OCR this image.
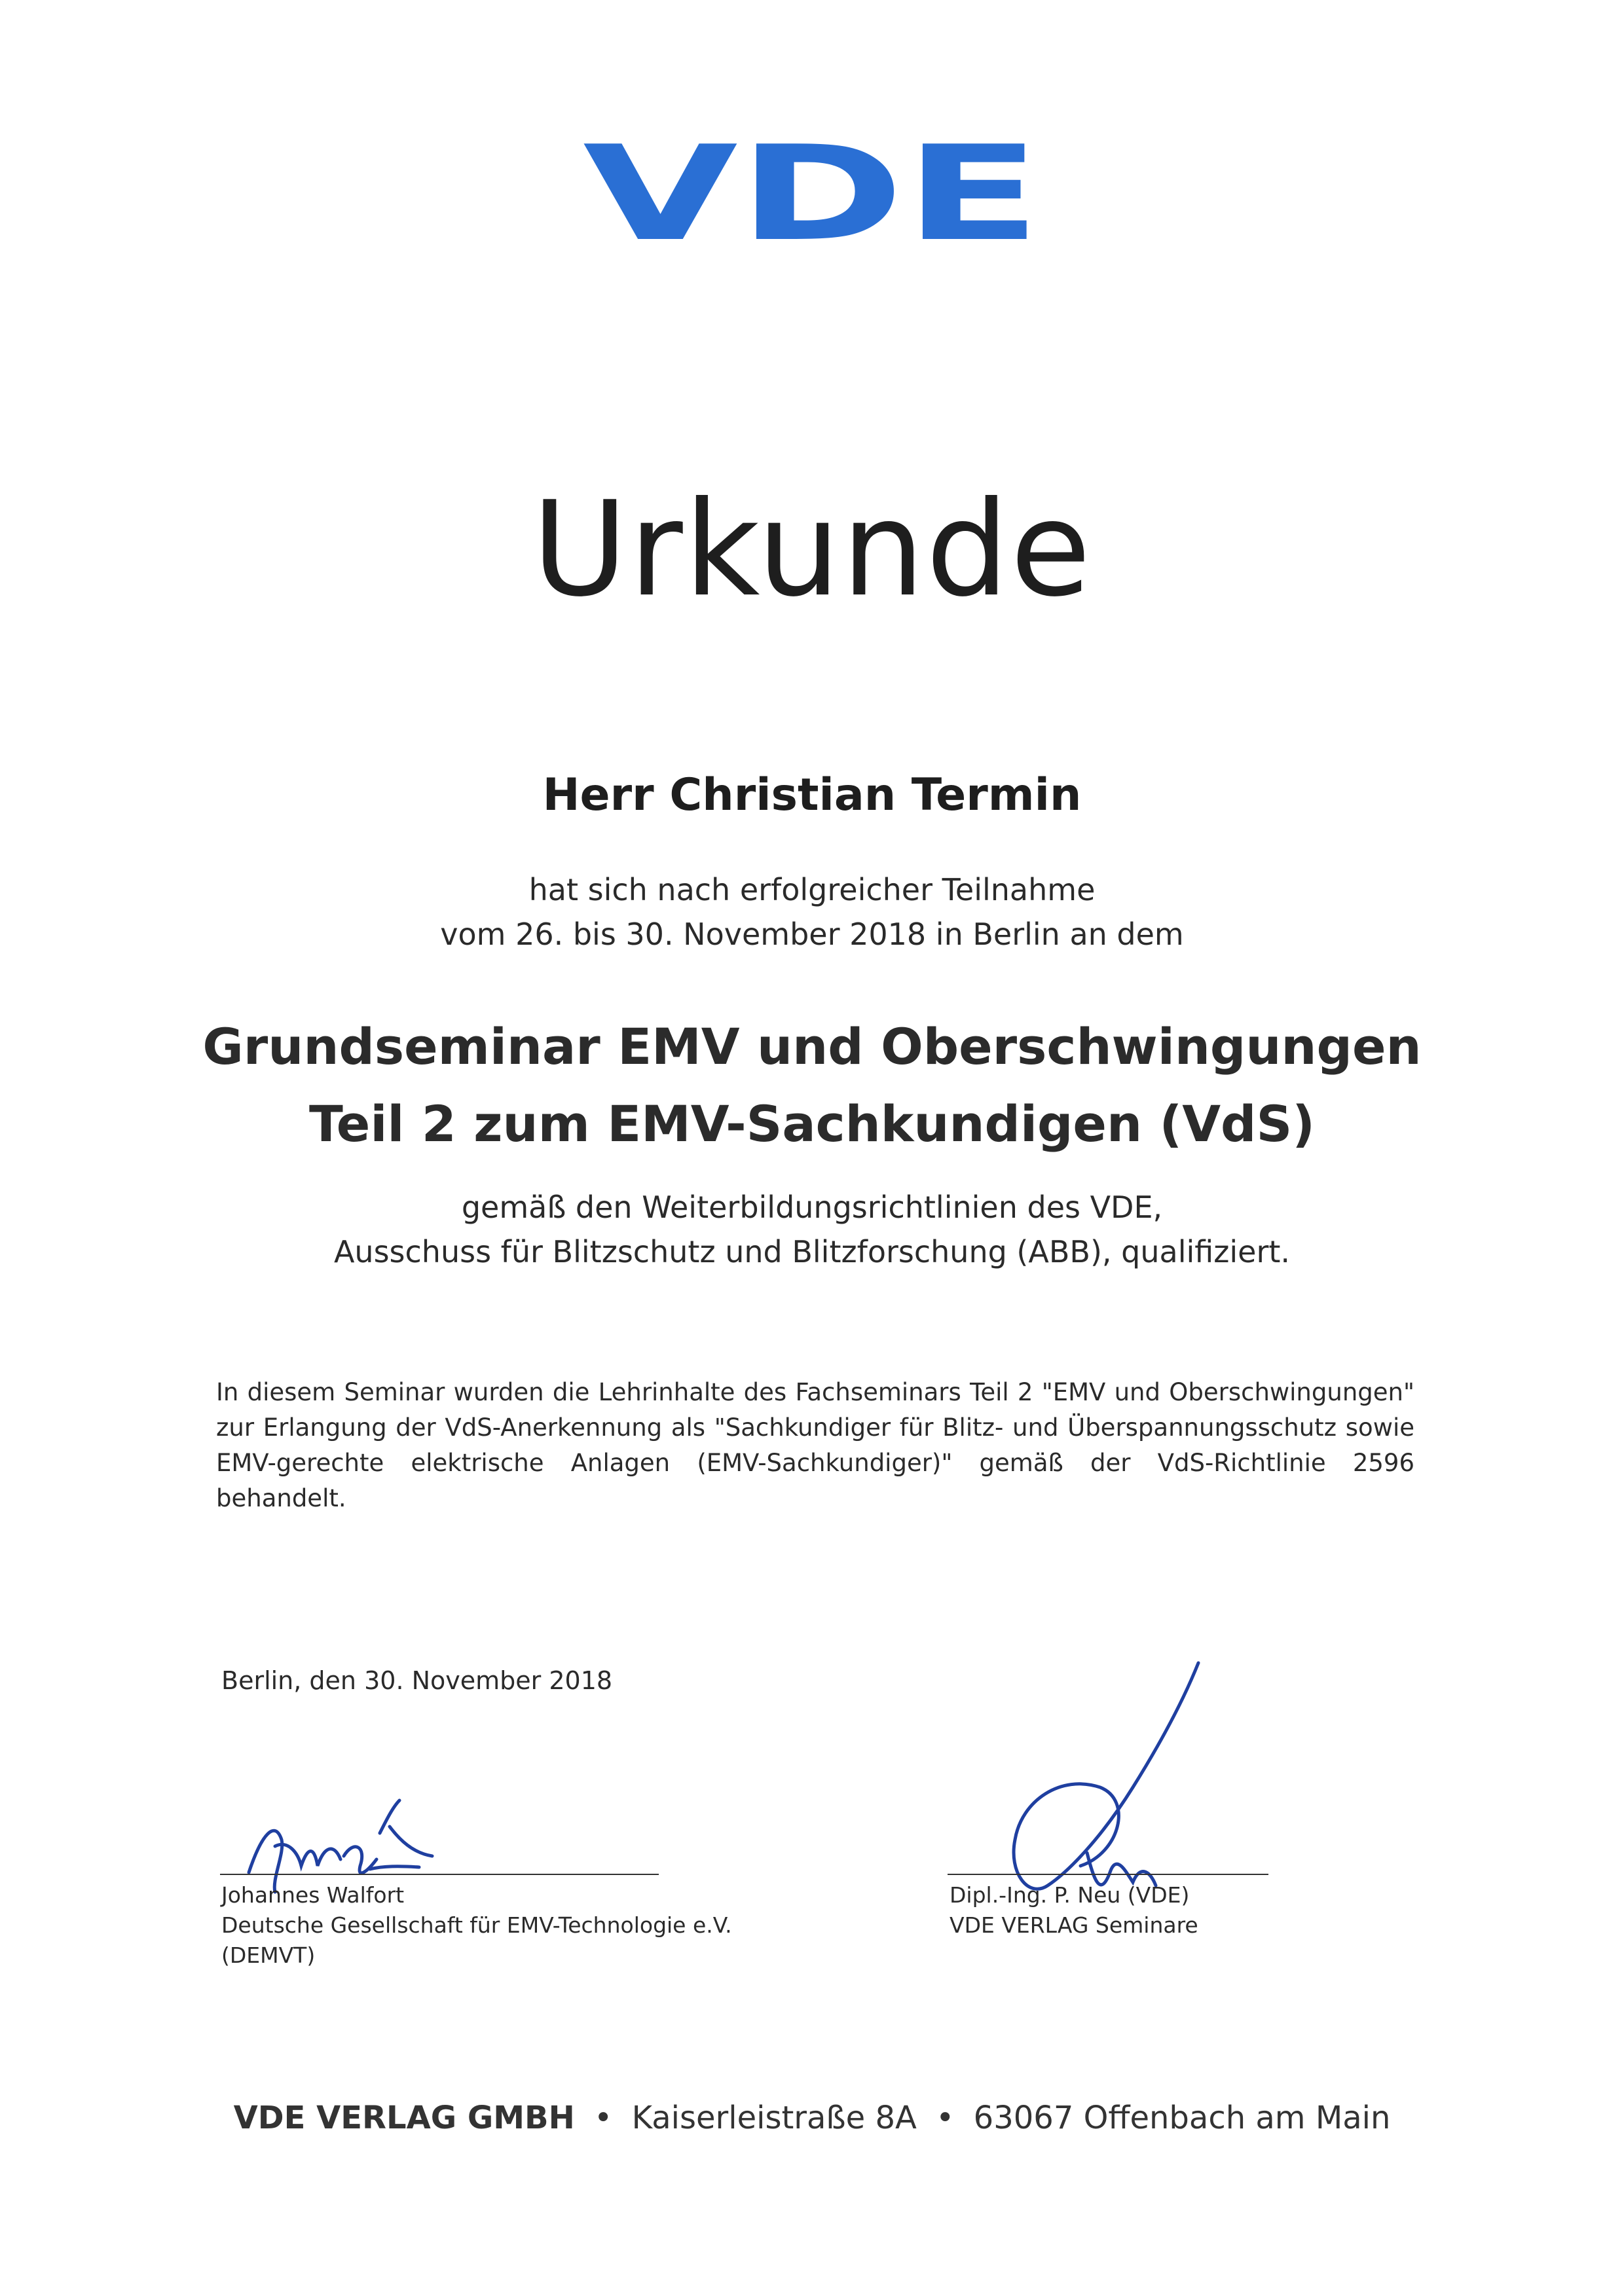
VDE
Urkunde
Herr Christian Termin
hat sich nach erfolgreicher Teilnahme
vom 26. bis 30. November 2018 in Berlin an dem
Grundseminar EMV und Oberschwingungen
Teil 2 zum EMV-Sachkundigen (VdS)
gemäß den Weiterbildungsrichtlinien des VDE,
Ausschuss für Blitzschutz und Blitzforschung (ABB), qualifiziert.
In diesem Seminar wurden die Lehrinhalte des Fachseminars Teil 2 "EMV und Oberschwingungen" zur Erlangung der VdS-Anerkennung als "Sachkundiger für Blitz- und Überspannungsschutz sowie EMV-gerechte elektrische Anlagen (EMV-Sachkundiger)" gemäß der VdS-Richtlinie 2596 behandelt.
Berlin, den 30. November 2018
Johannes Walfort
Deutsche Gesellschaft für EMV-Technologie e.V.
(DEMVT)
Dipl.-Ing. P. Neu (VDE)
VDE VERLAG Seminare
VDE VERLAG GMBH • Kaiserleistraße 8A • 63067 Offenbach am Main
